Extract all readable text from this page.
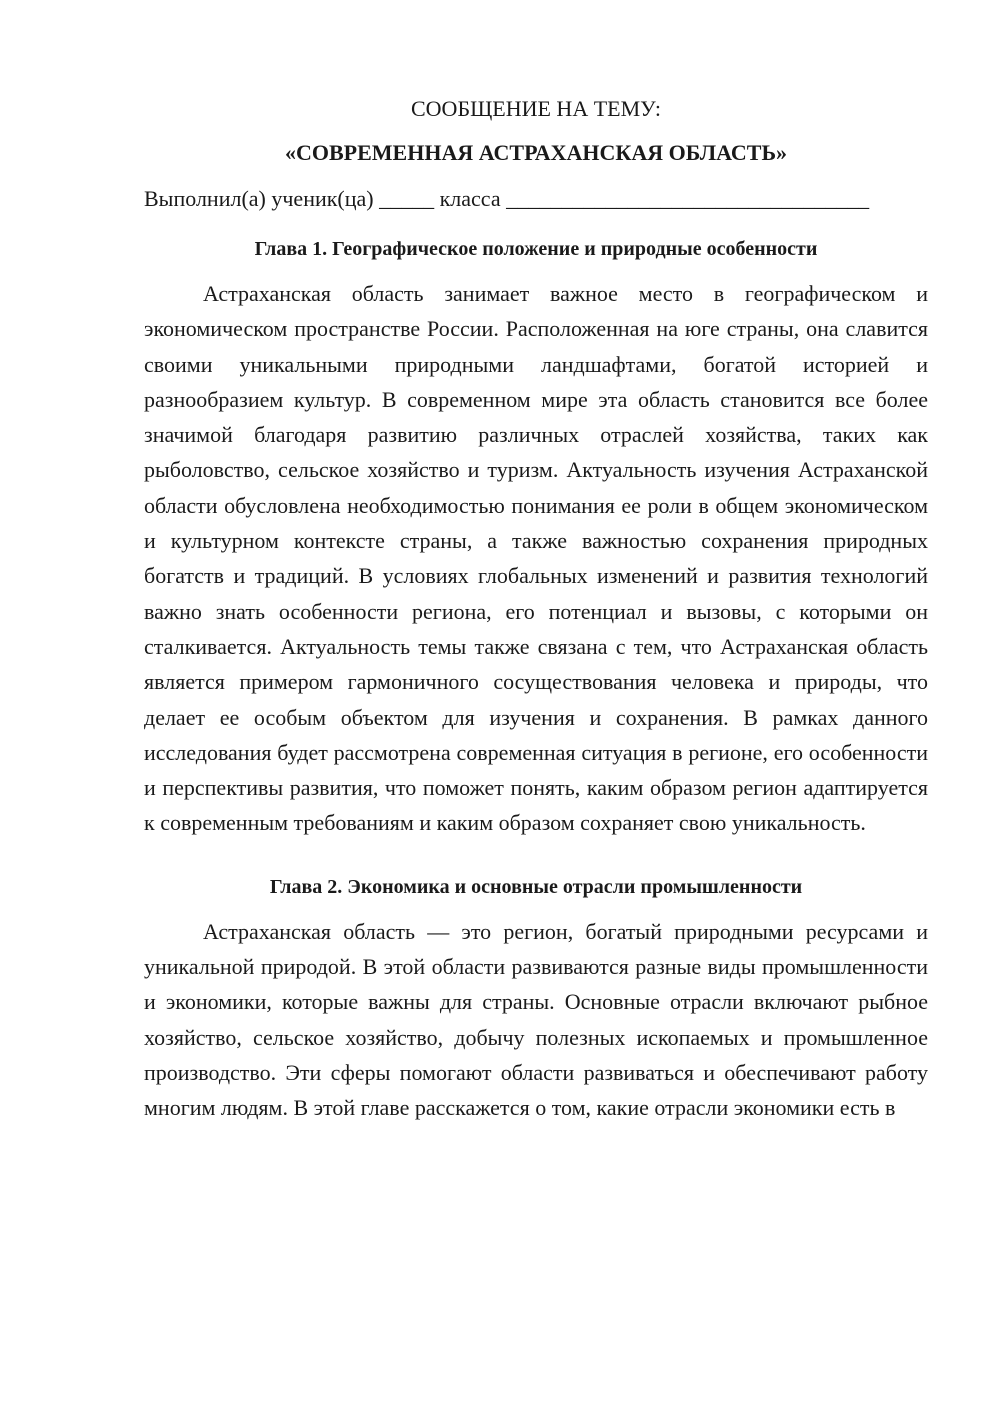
СООБЩЕНИЕ НА ТЕМУ:

«СОВРЕМЕННАЯ АСТРАХАНСКАЯ ОБЛАСТЬ»

Выполнил(а) ученик(ца) _____ класса _________________________________

Глава 1. Географическое положение и природные особенности

Астраханская область занимает важное место в географическом и экономическом пространстве России. Расположенная на юге страны, она славится своими уникальными природными ландшафтами, богатой историей и разнообразием культур. В современном мире эта область становится все более значимой благодаря развитию различных отраслей хозяйства, таких как рыболовство, сельское хозяйство и туризм. Актуальность изучения Астраханской области обусловлена необходимостью понимания ее роли в общем экономическом и культурном контексте страны, а также важностью сохранения природных богатств и традиций. В условиях глобальных изменений и развития технологий важно знать особенности региона, его потенциал и вызовы, с которыми он сталкивается. Актуальность темы также связана с тем, что Астраханская область является примером гармоничного сосуществования человека и природы, что делает ее особым объектом для изучения и сохранения. В рамках данного исследования будет рассмотрена современная ситуация в регионе, его особенности и перспективы развития, что поможет понять, каким образом регион адаптируется к современным требованиям и каким образом сохраняет свою уникальность.

Глава 2. Экономика и основные отрасли промышленности

Астраханская область — это регион, богатый природными ресурсами и уникальной природой. В этой области развиваются разные виды промышленности и экономики, которые важны для страны. Основные отрасли включают рыбное хозяйство, сельское хозяйство, добычу полезных ископаемых и промышленное производство. Эти сферы помогают области развиваться и обеспечивают работу многим людям. В этой главе расскажется о том, какие отрасли экономики есть в
